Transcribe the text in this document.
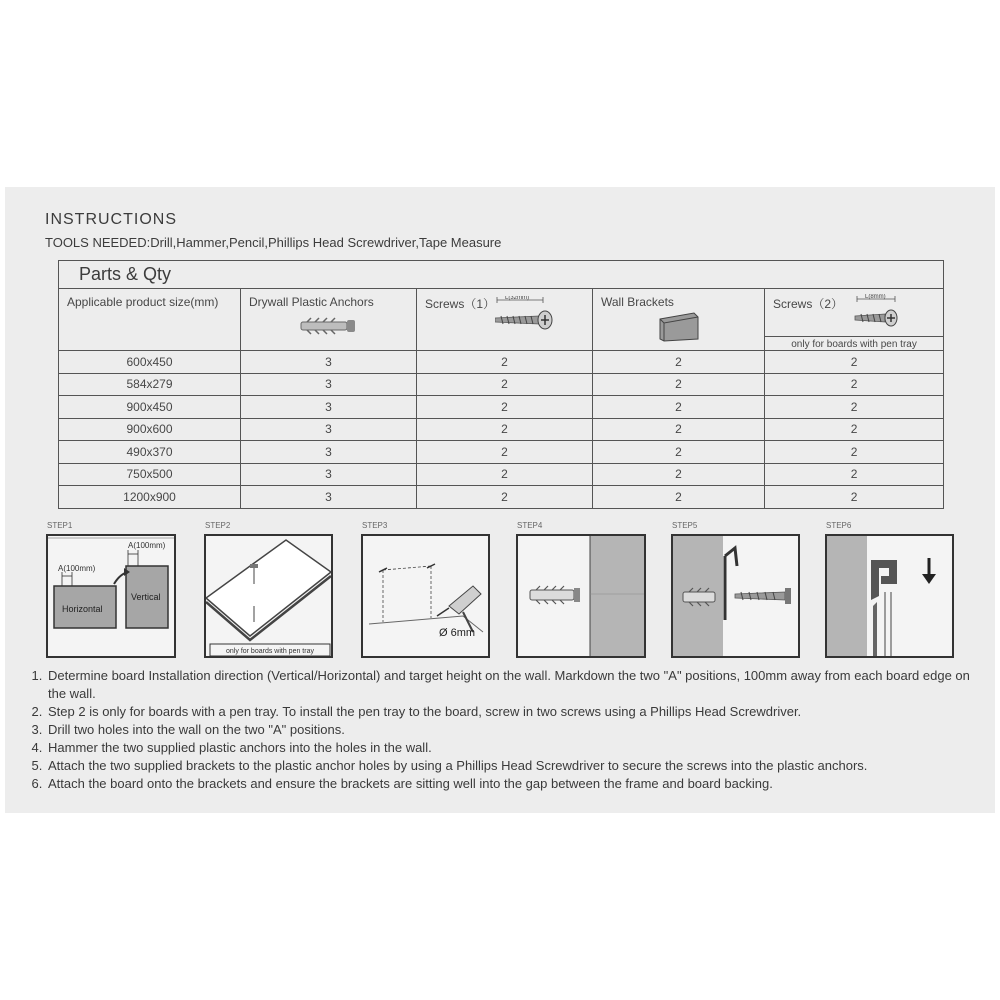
INSTRUCTIONS
TOOLS NEEDED:Drill,Hammer,Pencil,Phillips Head Screwdriver,Tape Measure
Parts & Qty				

Applicable product size(mm)	Drywall Plastic Anchors	Screws（1） L(32mm)	Wall Brackets	Screws（2） L(8mm)
only for boards with pen tray

600x450	3	2	2	2
584x279	3	2	2	2
900x450	3	2	2	2
900x600	3	2	2	2
490x370	3	2	2	2
750x500	3	2	2	2
1200x900	3	2	2	2
STEP1	STEP2	STEP3	STEP4	STEP5	STEP6
A(100mm)
A(100mm)
Horizontal
Vertical
only for boards with pen tray
Ø 6mm
1. Determine board Installation direction (Vertical/Horizontal) and target height on the wall. Markdown the two "A" positions, 100mm away from each board edge on the wall.
2. Step 2 is only for boards with a pen tray. To install the pen tray to the board, screw in two screws using a Phillips Head Screwdriver.
3. Drill two holes into the wall on the two "A" positions.
4. Hammer the two supplied plastic anchors into the holes in the wall.
5. Attach the two supplied brackets to the plastic anchor holes by using a Phillips Head Screwdriver to secure the screws into the plastic anchors.
6. Attach the board onto the brackets and ensure the brackets are sitting well into the gap between the frame and board backing.
